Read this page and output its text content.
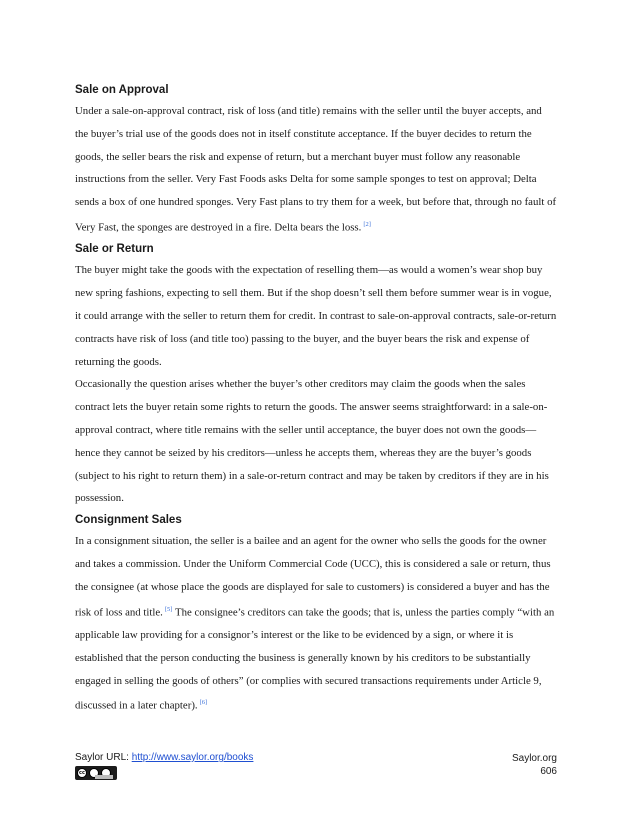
Sale on Approval

Under a sale-on-approval contract, risk of loss (and title) remains with the seller until the buyer accepts, and the buyer’s trial use of the goods does not in itself constitute acceptance. If the buyer decides to return the goods, the seller bears the risk and expense of return, but a merchant buyer must follow any reasonable instructions from the seller. Very Fast Foods asks Delta for some sample sponges to test on approval; Delta sends a box of one hundred sponges. Very Fast plans to try them for a week, but before that, through no fault of Very Fast, the sponges are destroyed in a fire. Delta bears the loss. [2]

Sale or Return

The buyer might take the goods with the expectation of reselling them—as would a women’s wear shop buy new spring fashions, expecting to sell them. But if the shop doesn’t sell them before summer wear is in vogue, it could arrange with the seller to return them for credit. In contrast to sale-on-approval contracts, sale-or-return contracts have risk of loss (and title too) passing to the buyer, and the buyer bears the risk and expense of returning the goods.

Occasionally the question arises whether the buyer’s other creditors may claim the goods when the sales contract lets the buyer retain some rights to return the goods. The answer seems straightforward: in a sale-on-approval contract, where title remains with the seller until acceptance, the buyer does not own the goods—hence they cannot be seized by his creditors—unless he accepts them, whereas they are the buyer’s goods (subject to his right to return them) in a sale-or-return contract and may be taken by creditors if they are in his possession.

Consignment Sales

In a consignment situation, the seller is a bailee and an agent for the owner who sells the goods for the owner and takes a commission. Under the Uniform Commercial Code (UCC), this is considered a sale or return, thus the consignee (at whose place the goods are displayed for sale to customers) is considered a buyer and has the risk of loss and title. [5] The consignee’s creditors can take the goods; that is, unless the parties comply “with an applicable law providing for a consignor’s interest or the like to be evidenced by a sign, or where it is established that the person conducting the business is generally known by his creditors to be substantially engaged in selling the goods of others” (or complies with secured transactions requirements under Article 9, discussed in a later chapter). [6]

Saylor URL: http://www.saylor.org/books
cc
Saylor.org
606
